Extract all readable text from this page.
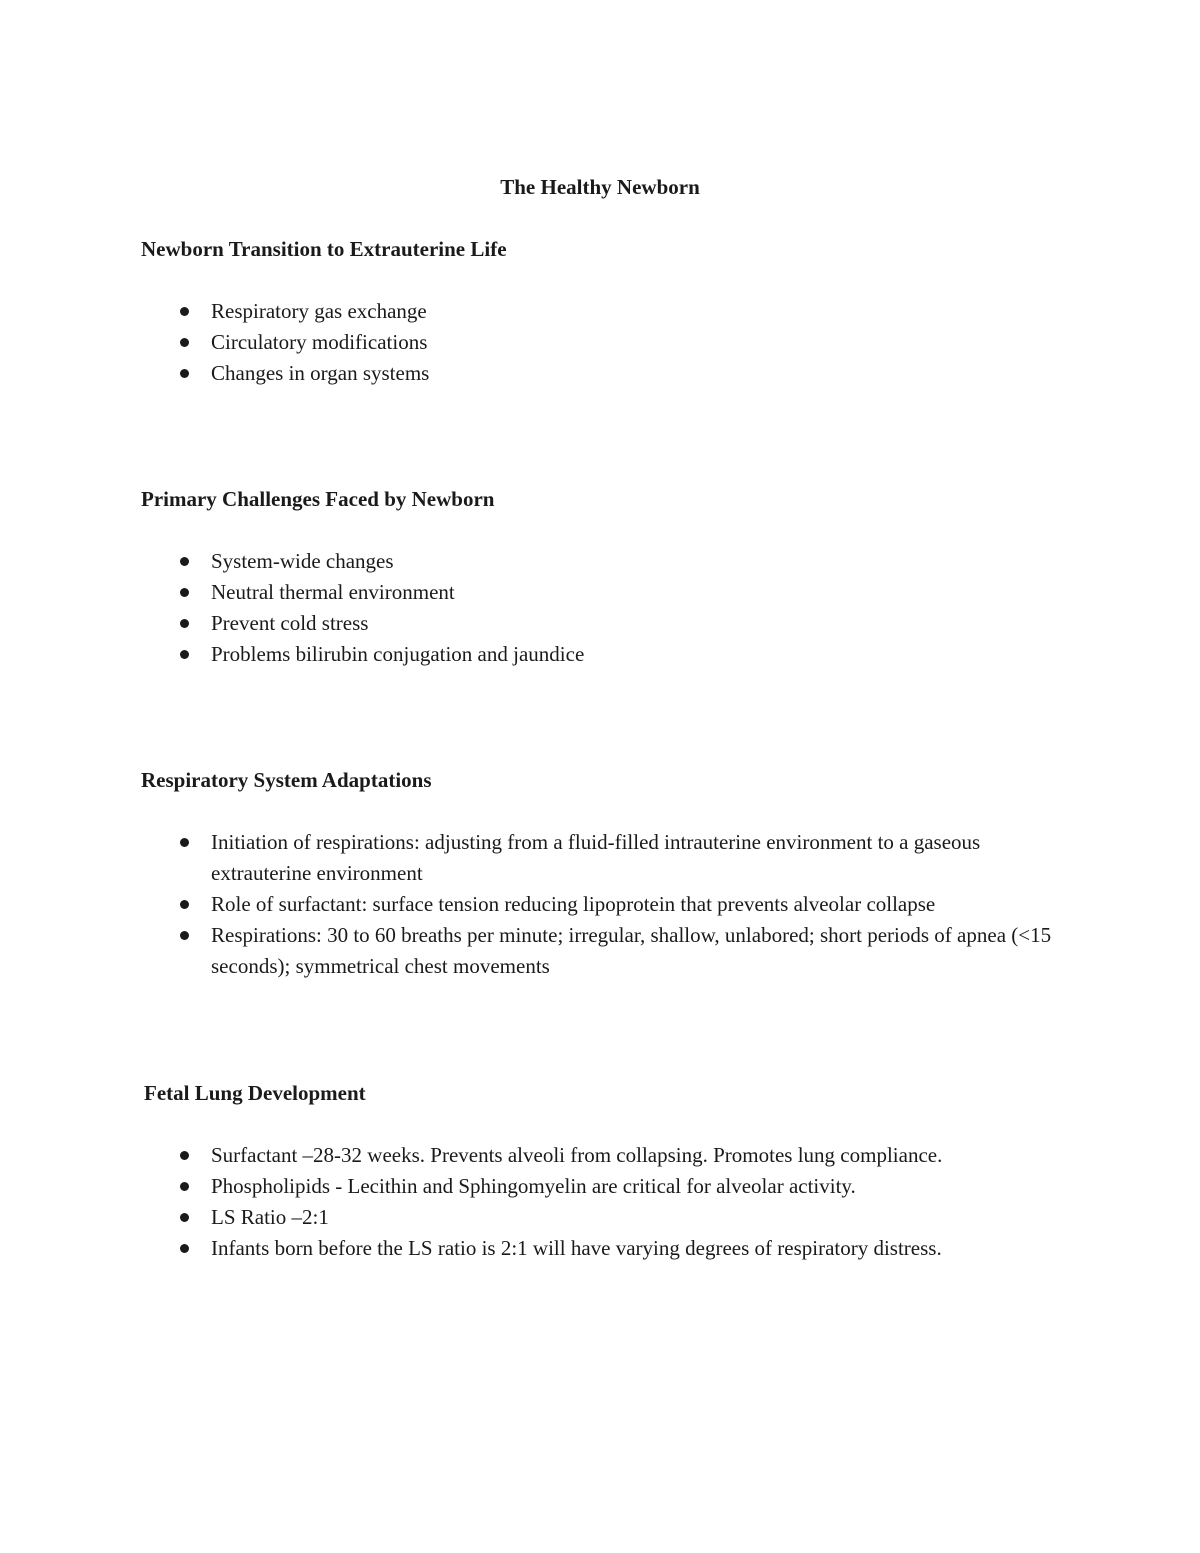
The Healthy Newborn
Newborn Transition to Extrauterine Life
Respiratory gas exchange
Circulatory modifications
Changes in organ systems
Primary Challenges Faced by Newborn
System-wide changes
Neutral thermal environment
Prevent cold stress
Problems bilirubin conjugation and jaundice
Respiratory System Adaptations
Initiation of respirations: adjusting from a fluid-filled intrauterine environment to a gaseous extrauterine environment
Role of surfactant: surface tension reducing lipoprotein that prevents alveolar collapse
Respirations: 30 to 60 breaths per minute; irregular, shallow, unlabored; short periods of apnea (<15 seconds); symmetrical chest movements
Fetal Lung Development
Surfactant –28-32 weeks. Prevents alveoli from collapsing. Promotes lung compliance.
Phospholipids - Lecithin and Sphingomyelin are critical for alveolar activity.
LS Ratio –2:1
Infants born before the LS ratio is 2:1 will have varying degrees of respiratory distress.
